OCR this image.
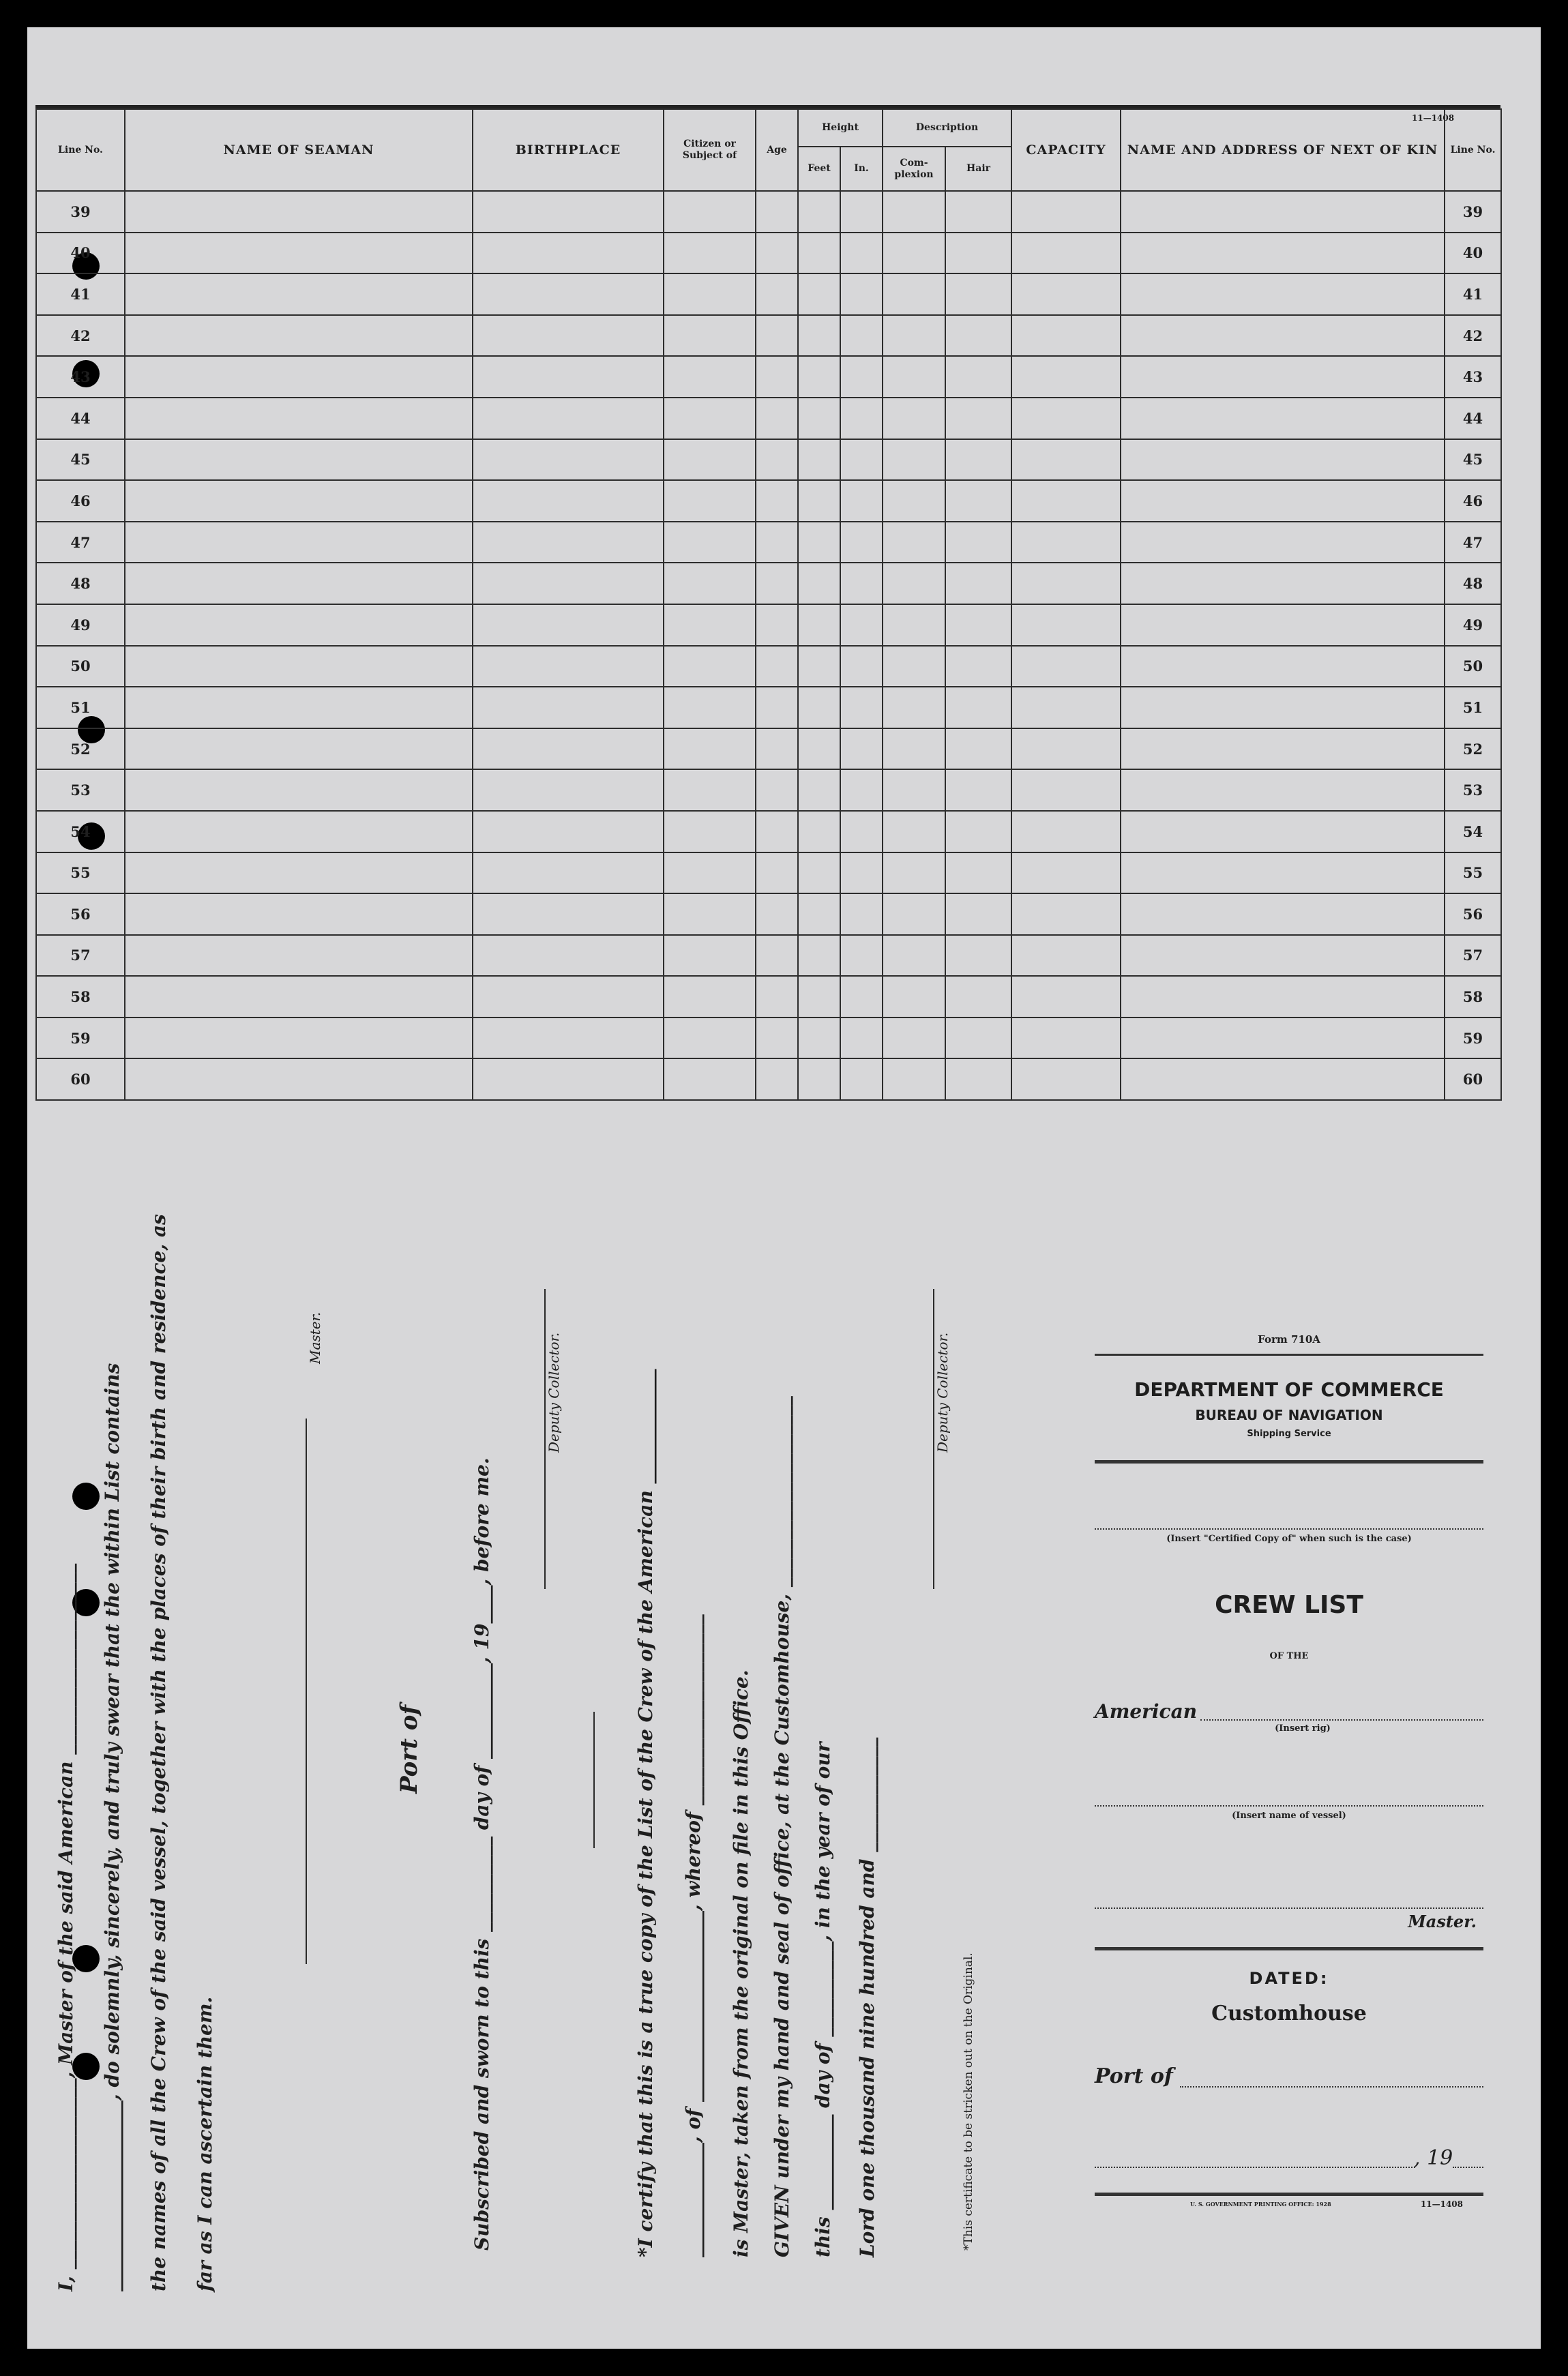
11—1408
Line No.	NAME OF SEAMAN	BIRTHPLACE	Citizen or Subject of	Age	Height		Description		CAPACITY	NAME AND ADDRESS OF NEXT OF KIN	Line No.
					Feet	In.	Com-plexion	Hair			
39											39
40											40
41											41
42											42
43											43
44											44
45											45
46											46
47											47
48											48
49											49
50											50
51											51
52											52
53											53
54											54
55											55
56											56
57											57
58											58
59											59
60											60
I, ____________________, Master of the said American ____________________ ____________________, do solemnly, sincerely, and truly swear that the within List contains the names of all the Crew of the said vessel, together with the places of their birth and residence, as far as I can ascertain them.
Master.
Port of	Subscribed and sworn to this __________ day of __________, 19____, before me.
Deputy Collector.	*I certify that this is a true copy of the List of the Crew of the American ____________ ____________, of ____________________, whereof ____________________ is Master, taken from the original on file in this Office. GIVEN under my hand and seal of office, at the Customhouse, ____________________ this __________ day of __________, in the year of our Lord one thousand nine hundred and ____________
Deputy Collector.
*This certificate to be stricken out on the Original.
Form 710A
DEPARTMENT OF COMMERCE
BUREAU OF NAVIGATION
Shipping Service
(Insert "Certified Copy of" when such is the case)
CREW LIST
OF THE
American
(Insert rig)
(Insert name of vessel)
Master.
DATED:
Customhouse
Port of
, 19
U. S. GOVERNMENT PRINTING OFFICE: 1928	11—1408
